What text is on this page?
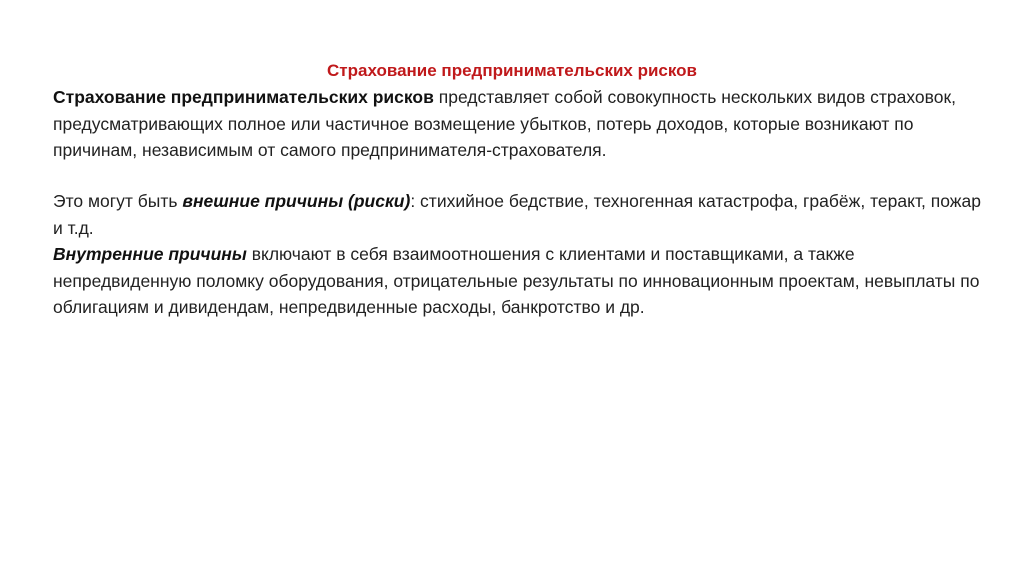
Страхование предпринимательских рисков
Страхование предпринимательских рисков представляет собой совокупность нескольких видов страховок, предусматривающих полное или частичное возмещение убытков, потерь доходов, которые возникают по причинам, независимым от самого предпринимателя-страхователя.
Это могут быть внешние причины (риски): стихийное бедствие, техногенная катастрофа, грабёж, теракт, пожар и т.д.
Внутренние причины включают в себя взаимоотношения с клиентами и поставщиками, а также непредвиденную поломку оборудования, отрицательные результаты по инновационным проектам, невыплаты по облигациям и дивидендам, непредвиденные расходы, банкротство и др.
